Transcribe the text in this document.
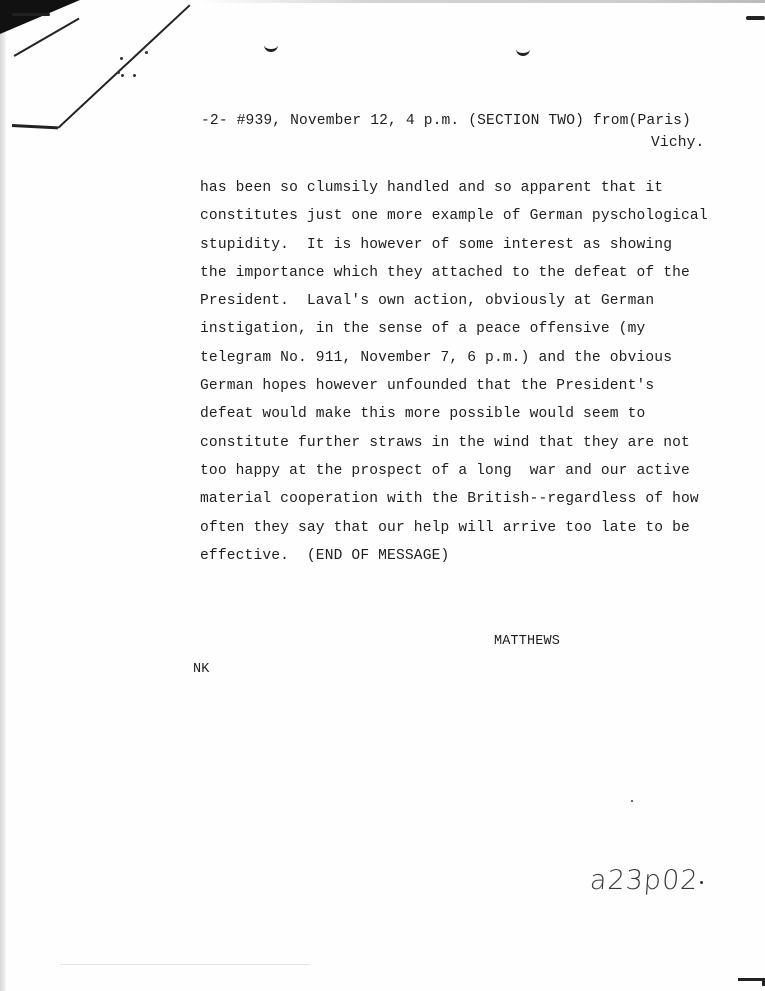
-2- #939, November 12, 4 p.m. (SECTION TWO) from(Paris)
Vichy.
has been so clumsily handled and so apparent that it
constitutes just one more example of German pyschological
stupidity.  It is however of some interest as showing
the importance which they attached to the defeat of the
President.  Laval's own action, obviously at German
instigation, in the sense of a peace offensive (my
telegram No. 911, November 7, 6 p.m.) and the obvious
German hopes however unfounded that the President's
defeat would make this more possible would seem to
constitute further straws in the wind that they are not
too happy at the prospect of a long  war and our active
material cooperation with the British--regardless of how
often they say that our help will arrive too late to be
effective.  (END OF MESSAGE)
MATTHEWS
NK
a23p02
